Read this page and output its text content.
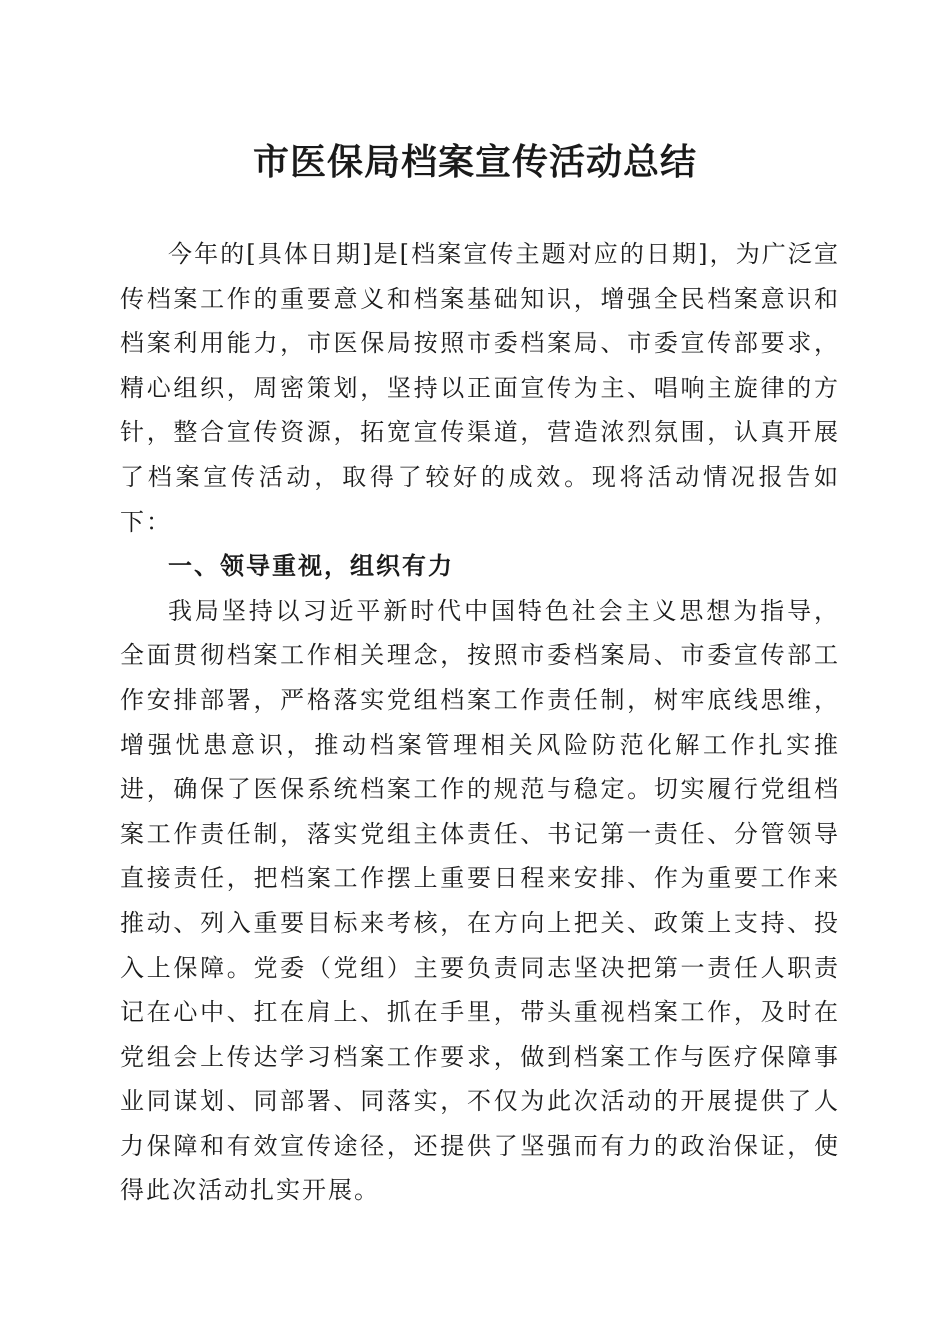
市医保局档案宣传活动总结

今年的[具体日期]是[档案宣传主题对应的日期]，为广泛宣传档案工作的重要意义和档案基础知识，增强全民档案意识和档案利用能力，市医保局按照市委档案局、市委宣传部要求，精心组织，周密策划，坚持以正面宣传为主、唱响主旋律的方针，整合宣传资源，拓宽宣传渠道，营造浓烈氛围，认真开展了档案宣传活动，取得了较好的成效。现将活动情况报告如下：

一、领导重视，组织有力

我局坚持以习近平新时代中国特色社会主义思想为指导，全面贯彻档案工作相关理念，按照市委档案局、市委宣传部工作安排部署，严格落实党组档案工作责任制，树牢底线思维，增强忧患意识，推动档案管理相关风险防范化解工作扎实推进，确保了医保系统档案工作的规范与稳定。切实履行党组档案工作责任制，落实党组主体责任、书记第一责任、分管领导直接责任，把档案工作摆上重要日程来安排、作为重要工作来推动、列入重要目标来考核，在方向上把关、政策上支持、投入上保障。党委（党组）主要负责同志坚决把第一责任人职责记在心中、扛在肩上、抓在手里，带头重视档案工作，及时在党组会上传达学习档案工作要求，做到档案工作与医疗保障事业同谋划、同部署、同落实，不仅为此次活动的开展提供了人力保障和有效宣传途径，还提供了坚强而有力的政治保证，使得此次活动扎实开展。
